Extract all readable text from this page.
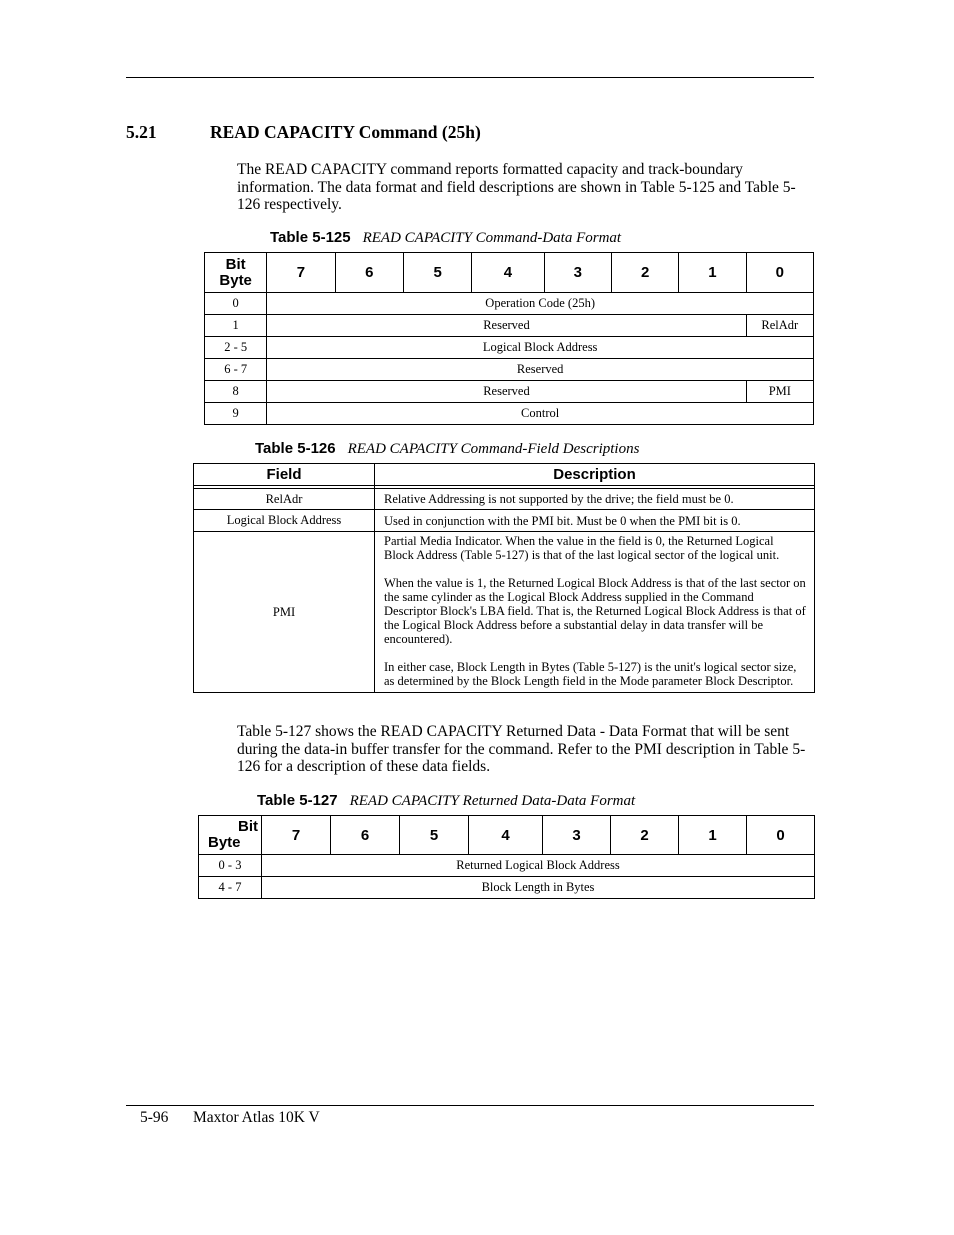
5.21	READ CAPACITY Command (25h)

The READ CAPACITY command reports formatted capacity and track-boundary information. The data format and field descriptions are shown in Table 5-125 and Table 5-126 respectively.

Table 5-125 READ CAPACITY Command-Data Format
Bit
Byte	7	6	5	4	3	2	1	0
0	Operation Code (25h)							
1	Reserved							RelAdr
2 - 5	Logical Block Address							
6 - 7	Reserved							
8	Reserved							PMI
9	Control							
Table 5-126 READ CAPACITY Command-Field Descriptions
Field	Description

RelAdr	Relative Addressing is not supported by the drive; the field must be 0.

Logical Block Address	Used in conjunction with the PMI bit. Must be 0 when the PMI bit is 0.

PMI	Partial Media Indicator. When the value in the field is 0, the Returned Logical Block Address (Table 5-127) is that of the last logical sector of the logical unit.

When the value is 1, the Returned Logical Block Address is that of the last sector on the same cylinder as the Logical Block Address supplied in the Command Descriptor Block's LBA field. That is, the Returned Logical Block Address is that of the Logical Block Address before a substantial delay in data transfer will be encountered).

In either case, Block Length in Bytes (Table 5-127) is the unit's logical sector size, as determined by the Block Length field in the Mode parameter Block Descriptor.

Table 5-127 shows the READ CAPACITY Returned Data - Data Format that will be sent during the data-in buffer transfer for the command. Refer to the PMI description in Table 5-126 for a description of these data fields.

Table 5-127 READ CAPACITY Returned Data-Data Format
Bit
Byte	7	6	5	4	3	2	1	0
0 - 3	Returned Logical Block Address							
4 - 7	Block Length in Bytes							
5-96 Maxtor Atlas 10K V
